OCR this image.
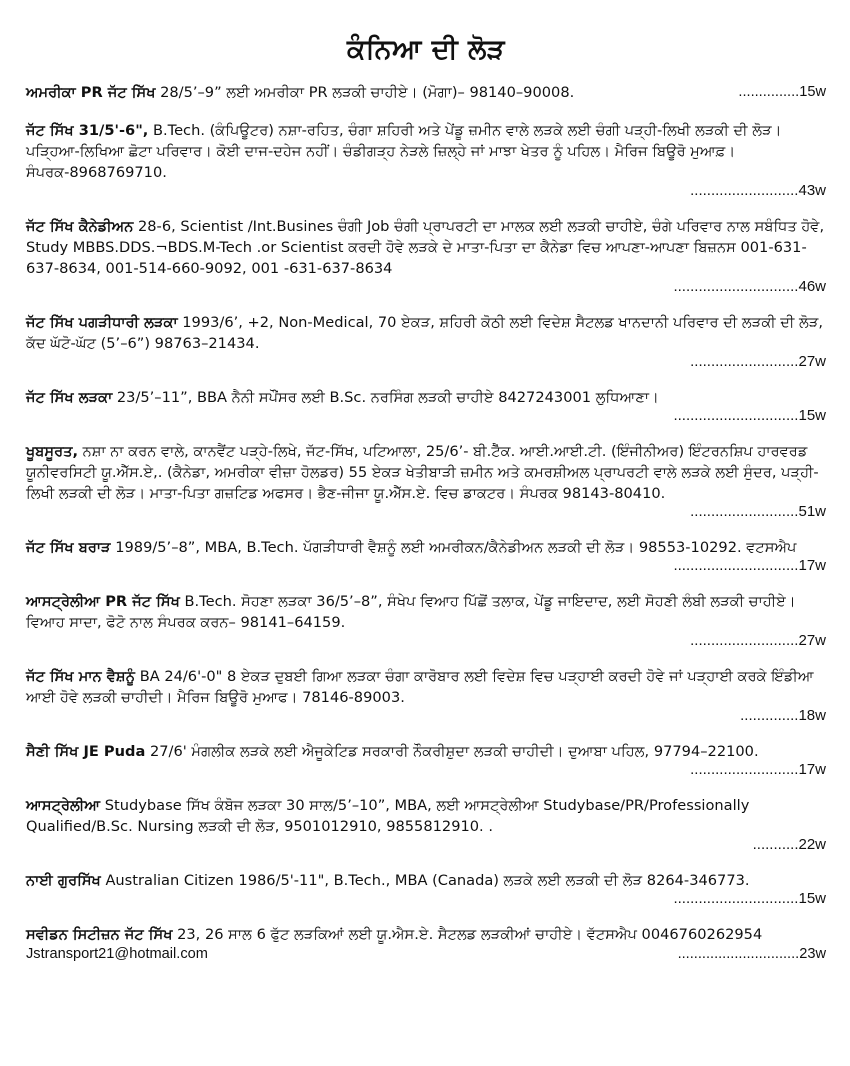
ਕੰਨਿਆ ਦੀ ਲੋੜ
ਅਮਰੀਕਾ PR ਜੱਟ ਸਿੱਖ 28/5’–9” ਲਈ ਅਮਰੀਕਾ PR ਲੜਕੀ ਚਾਹੀਏ। (ਮੋਗਾ)– 98140–90008.	...............15w
ਜੱਟ ਸਿੱਖ 31/5'-6", B.Tech. (ਕੰਪਿਊਟਰ) ਨਸ਼ਾ-ਰਹਿਤ, ਚੰਗਾ ਸ਼ਹਿਰੀ ਅਤੇ ਪੇਂਡੂ ਜ਼ਮੀਨ ਵਾਲੇ ਲੜਕੇ ਲਈ ਚੰਗੀ ਪੜ੍ਹੀ-ਲਿਖੀ ਲੜਕੀ ਦੀ ਲੋੜ। ਪੜ੍ਹਿਆ-ਲਿਖਿਆ ਛੋਟਾ ਪਰਿਵਾਰ। ਕੋਈ ਦਾਜ-ਦਹੇਜ ਨਹੀਂ। ਚੰਡੀਗੜ੍ਹ ਨੇੜਲੇ ਜ਼ਿਲ੍ਹੇ ਜਾਂ ਮਾਝਾ ਖੇਤਰ ਨੂੰ ਪਹਿਲ। ਮੈਰਿਜ ਬਿਊਰੋ ਮੁਆਫ਼। ਸੰਪਰਕ-8968769710.
..........................43w
ਜੱਟ ਸਿੱਖ ਕੈਨੇਡੀਅਨ 28-6, Scientist /Int.Busines ਚੰਗੀ Job ਚੰਗੀ ਪ੍ਰਾਪਰਟੀ ਦਾ ਮਾਲਕ ਲਈ ਲੜਕੀ ਚਾਹੀਏ, ਚੰਗੇ ਪਰਿਵਾਰ ਨਾਲ ਸਬੰਧਿਤ ਹੋਵੇ, Study MBBS.DDS.¬BDS.M-Tech .or Scientist ਕਰਦੀ ਹੋਵੇ ਲੜਕੇ ਦੇ ਮਾਤਾ-ਪਿਤਾ ਦਾ ਕੈਨੇਡਾ ਵਿਚ ਆਪਣਾ-ਆਪਣਾ ਬਿਜ਼ਨਸ 001-631-637-8634, 001-514-660-9092, 001 -631-637-8634
..............................46w
ਜੱਟ ਸਿੱਖ ਪਗੜੀਧਾਰੀ ਲੜਕਾ 1993/6’, +2, Non-Medical, 70 ਏਕੜ, ਸ਼ਹਿਰੀ ਕੋਠੀ ਲਈ ਵਿਦੇਸ਼ ਸੈਟਲਡ ਖਾਨਦਾਨੀ ਪਰਿਵਾਰ ਦੀ ਲੜਕੀ ਦੀ ਲੋੜ, ਕੱਦ ਘੱਟੋ-ਘੱਟ (5’–6”) 98763–21434.
..........................27w
ਜੱਟ ਸਿੱਖ ਲੜਕਾ 23/5’–11”, BBA ਨੈਨੀ ਸਪੌਂਸਰ ਲਈ B.Sc. ਨਰਸਿੰਗ ਲੜਕੀ ਚਾਹੀਏ 8427243001 ਲੁਧਿਆਣਾ।
..............................15w
ਖੂਬਸੂਰਤ, ਨਸ਼ਾ ਨਾ ਕਰਨ ਵਾਲੇ, ਕਾਨਵੈਂਟ ਪੜ੍ਹੇ-ਲਿਖੇ, ਜੱਟ-ਸਿੱਖ, ਪਟਿਆਲਾ, 25/6’- ਬੀ.ਟੈੱਕ. ਆਈ.ਆਈ.ਟੀ. (ਇੰਜੀਨੀਅਰ) ਇੰਟਰਨਸ਼ਿਪ ਹਾਰਵਰਡ ਯੂਨੀਵਰਸਿਟੀ ਯੂ.ਐੱਸ.ਏ,. (ਕੈਨੇਡਾ, ਅਮਰੀਕਾ ਵੀਜ਼ਾ ਹੋਲਡਰ) 55 ਏਕੜ ਖੇਤੀਬਾੜੀ ਜ਼ਮੀਨ ਅਤੇ ਕਮਰਸ਼ੀਅਲ ਪ੍ਰਾਪਰਟੀ ਵਾਲੇ ਲੜਕੇ ਲਈ ਸੁੰਦਰ, ਪੜ੍ਹੀ-ਲਿਖੀ ਲੜਕੀ ਦੀ ਲੋੜ। ਮਾਤਾ-ਪਿਤਾ ਗਜ਼ਟਿਡ ਅਫਸਰ। ਭੈਣ-ਜੀਜਾ ਯੂ.ਐੱਸ.ਏ. ਵਿਚ ਡਾਕਟਰ। ਸੰਪਰਕ 98143-80410.
..........................51w
ਜੱਟ ਸਿੱਖ ਬਰਾੜ 1989/5’–8”, MBA, B.Tech. ਪੱਗੜੀਧਾਰੀ ਵੈਸ਼ਨੂੰ ਲਈ ਅਮਰੀਕਨ/ਕੈਨੇਡੀਅਨ ਲੜਕੀ ਦੀ ਲੋੜ। 98553-10292. ਵਟਸਐਪ
..............................17w
ਆਸਟ੍ਰੇਲੀਆ PR ਜੱਟ ਸਿੱਖ B.Tech. ਸੋਹਣਾ ਲੜਕਾ 36/5’–8”, ਸੰਖੇਪ ਵਿਆਹ ਪਿੱਛੋਂ ਤਲਾਕ, ਪੇਂਡੂ ਜਾਇਦਾਦ, ਲਈ ਸੋਹਣੀ ਲੰਬੀ ਲੜਕੀ ਚਾਹੀਏ। ਵਿਆਹ ਸਾਦਾ, ਫੋਟੋ ਨਾਲ ਸੰਪਰਕ ਕਰਨ– 98141–64159.
..........................27w
ਜੱਟ ਸਿੱਖ ਮਾਨ ਵੈਸ਼ਨੂੰ BA 24/6'-0" 8 ਏਕੜ ਦੁਬਈ ਗਿਆ ਲੜਕਾ ਚੰਗਾ ਕਾਰੋਬਾਰ ਲਈ ਵਿਦੇਸ਼ ਵਿਚ ਪੜ੍ਹਾਈ ਕਰਦੀ ਹੋਵੇ ਜਾਂ ਪੜ੍ਹਾਈ ਕਰਕੇ ਇੰਡੀਆ ਆਈ ਹੋਵੇ ਲੜਕੀ ਚਾਹੀਦੀ। ਮੈਰਿਜ ਬਿਊਰੋ ਮੁਆਫ। 78146-89003.
..............18w
ਸੈਣੀ ਸਿੱਖ JE Puda 27/6' ਮੰਗਲੀਕ ਲੜਕੇ ਲਈ ਐਜੂਕੇਟਿਡ ਸਰਕਾਰੀ ਨੌਕਰੀਸ਼ੁਦਾ ਲੜਕੀ ਚਾਹੀਦੀ। ਦੁਆਬਾ ਪਹਿਲ, 97794–22100.
..........................17w
ਆਸਟ੍ਰੇਲੀਆ Studybase ਸਿੱਖ ਕੰਬੋਜ ਲੜਕਾ 30 ਸਾਲ/5’–10”, MBA, ਲਈ ਆਸਟ੍ਰੇਲੀਆ Studybase/PR/Professionally Qualified/B.Sc. Nursing ਲੜਕੀ ਦੀ ਲੋੜ, 9501012910, 9855812910. .
...........22w
ਨਾਈ ਗੁਰਸਿੱਖ Australian Citizen 1986/5'-11", B.Tech., MBA (Canada) ਲੜਕੇ ਲਈ ਲੜਕੀ ਦੀ ਲੋੜ 8264-346773.
..............................15w
ਸਵੀਡਨ ਸਿਟੀਜ਼ਨ ਜੱਟ ਸਿੱਖ 23, 26 ਸਾਲ 6 ਫੁੱਟ ਲੜਕਿਆਂ ਲਈ ਯੂ.ਐਸ.ਏ. ਸੈਟਲਡ ਲੜਕੀਆਂ ਚਾਹੀਏ। ਵੱਟਸਐਪ 0046760262954
Jstransport21@hotmail.com	..............................23w
